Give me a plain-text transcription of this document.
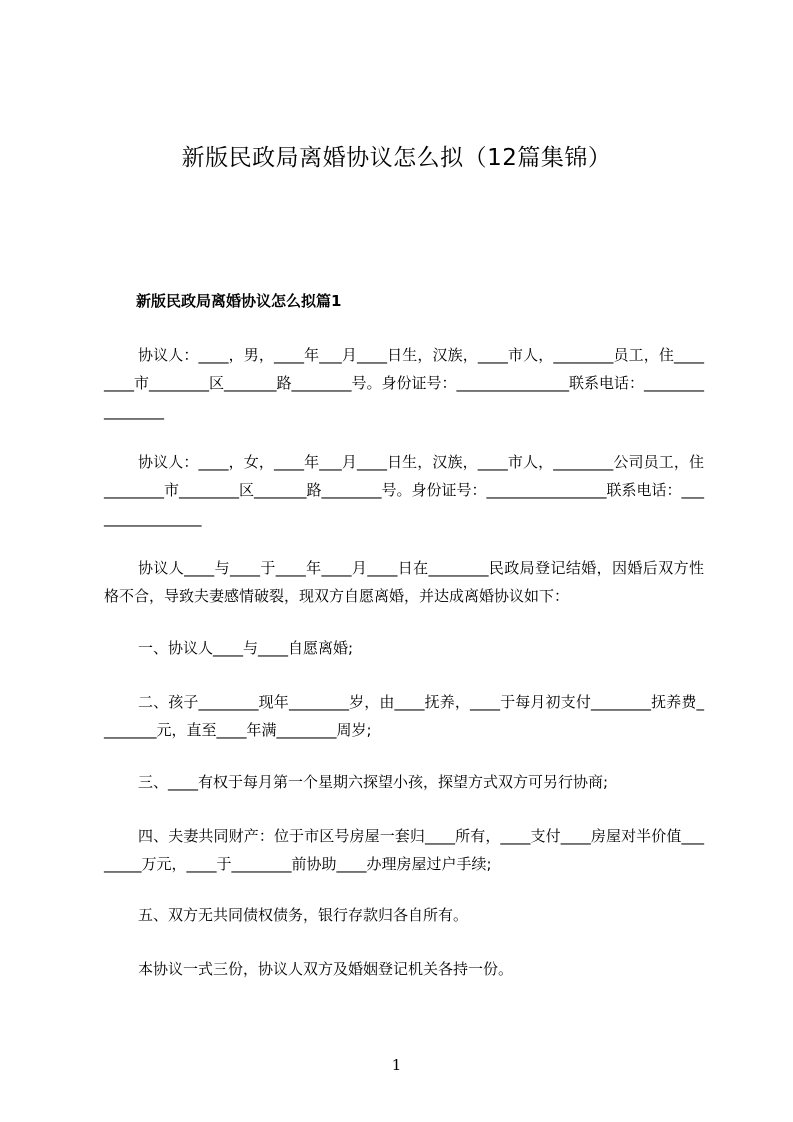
新版民政局离婚协议怎么拟（12篇集锦）
新版民政局离婚协议怎么拟篇1
协议人：____，男，____年___月____日生，汉族，____市人，________员工，住________市________区_______路________号。身份证号：_______________联系电话：________________
协议人：____，女，____年___月____日生，汉族，____市人，________公司员工，住________市________区_______路________号。身份证号：________________联系电话：________________
协议人____与____于____年____月____日在________民政局登记结婚，因婚后双方性格不合，导致夫妻感情破裂，现双方自愿离婚，并达成离婚协议如下：
一、协议人____与____自愿离婚;
二、孩子________现年________岁，由____抚养，____于每月初支付________抚养费________元，直至____年满________周岁;
三、____有权于每月第一个星期六探望小孩，探望方式双方可另行协商;
四、夫妻共同财产：位于市区号房屋一套归____所有，____支付____房屋对半价值________万元，____于________前协助____办理房屋过户手续;
五、双方无共同债权债务，银行存款归各自所有。
本协议一式三份，协议人双方及婚姻登记机关各持一份。
1
